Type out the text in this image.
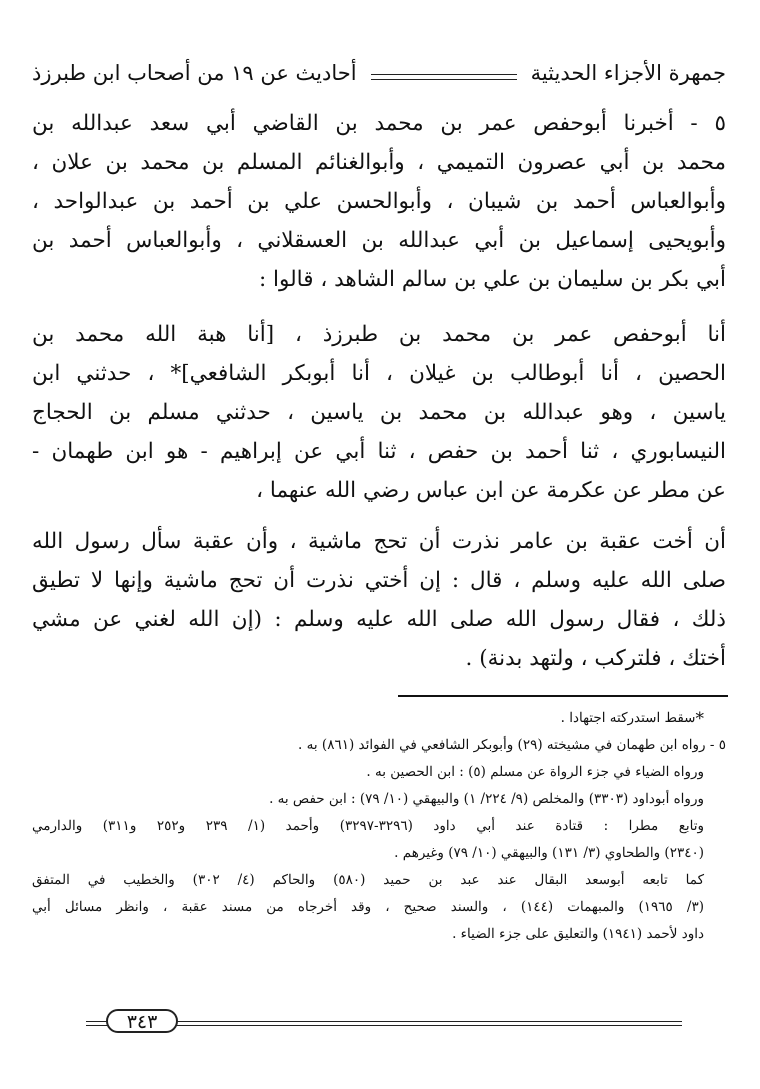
جمهرة الأجزاء الحديثية
أحاديث عن ١٩ من أصحاب ابن طبرزذ
٥ - أخبرنا أبوحفص عمر بن محمد بن القاضي أبي سعد عبدالله بن
محمد بن أبي عصرون التميمي ، وأبوالغنائم المسلم بن محمد بن علان ،
وأبوالعباس أحمد بن شيبان ، وأبوالحسن علي بن أحمد بن عبدالواحد ،
وأبويحيى إسماعيل بن أبي عبدالله بن العسقلاني ، وأبوالعباس أحمد بن
أبي بكر بن سليمان بن علي بن سالم الشاهد ، قالوا :
أنا أبوحفص عمر بن محمد بن طبرزذ ، [أنا هبة الله محمد بن
الحصين ، أنا أبوطالب بن غيلان ، أنا أبوبكر الشافعي]* ، حدثني ابن
ياسين ، وهو عبدالله بن محمد بن ياسين ، حدثني مسلم بن الحجاج
النيسابوري ، ثنا أحمد بن حفص ، ثنا أبي عن إبراهيم - هو ابن طهمان -
عن مطر عن عكرمة عن ابن عباس رضي الله عنهما ،
أن أخت عقبة بن عامر نذرت أن تحج ماشية ، وأن عقبة سأل رسول الله
صلى الله عليه وسلم ، قال : إن أختي نذرت أن تحج ماشية وإنها لا تطيق
ذلك ، فقال رسول الله صلى الله عليه وسلم : (إن الله لغني عن مشي
أختك ، فلتركب ، ولتهد بدنة) .
*سقط استدركته اجتهادا .
٥ - رواه ابن طهمان في مشيخته (٢٩) وأبوبكر الشافعي في الفوائد (٨٦١) به .
ورواه الضياء في جزء الرواة عن مسلم (٥) : ابن الحصين به .
ورواه أبوداود (٣٣٠٣) والمخلص (٩/ ٢٢٤/ ١) والبيهقي (١٠/ ٧٩) : ابن حفص به .
وتابع مطرا : قتادة عند أبي داود (٣٢٩٦-٣٢٩٧) وأحمد (١/ ٢٣٩ و٢٥٢ و٣١١) والدارمي
(٢٣٤٠) والطحاوي (٣/ ١٣١) والبيهقي (١٠/ ٧٩) وغيرهم .
كما تابعه أبوسعد البقال عند عبد بن حميد (٥٨٠) والحاكم (٤/ ٣٠٢) والخطيب في المتفق
(٣/ ١٩٦٥) والمبهمات (١٤٤) ، والسند صحيح ، وقد أخرجاه من مسند عقبة ، وانظر مسائل أبي
داود لأحمد (١٩٤١) والتعليق على جزء الضياء .
٣٤٣
